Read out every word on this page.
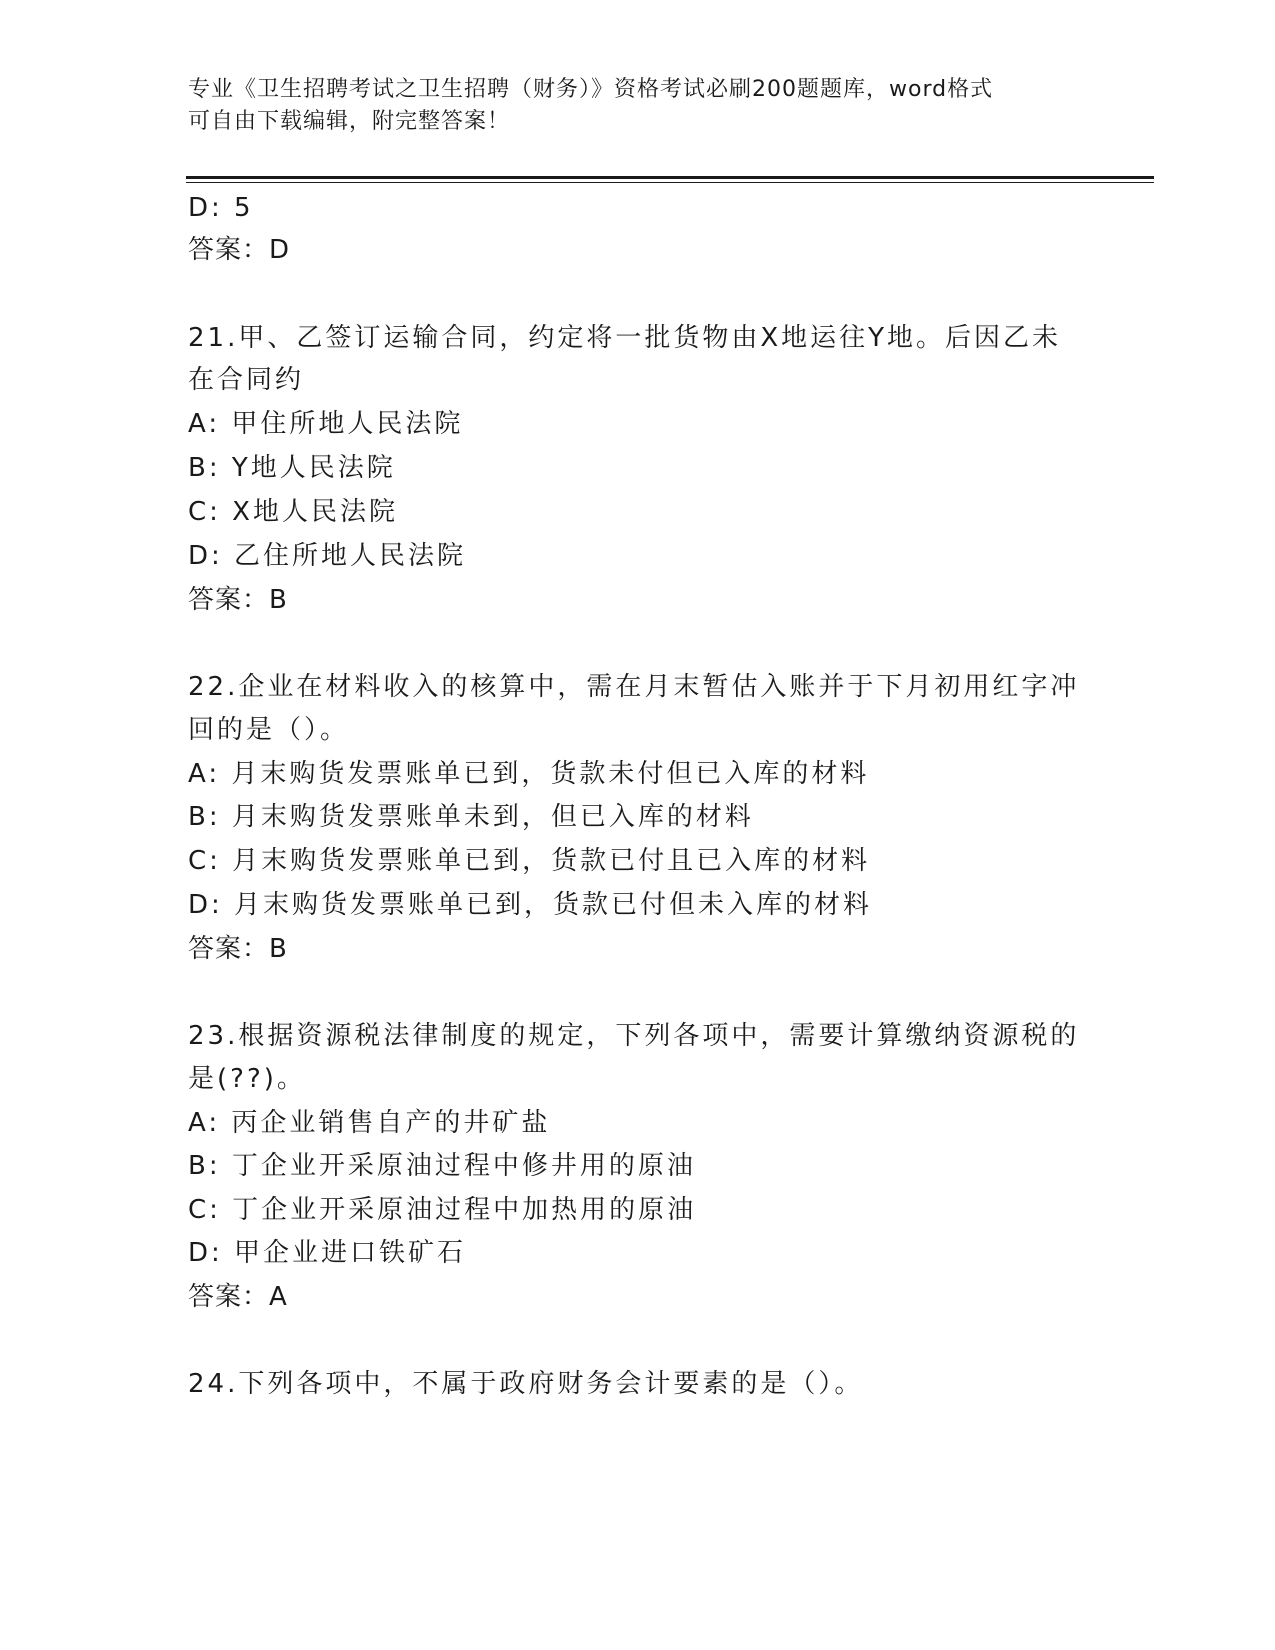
专业《卫生招聘考试之卫生招聘（财务）》资格考试必刷200题题库，word格式
可自由下载编辑，附完整答案！
D: 5
答案：D
21.甲、乙签订运输合同，约定将一批货物由X地运往Y地。后因乙未
在合同约
A: 甲住所地人民法院
B: Y地人民法院
C: X地人民法院
D: 乙住所地人民法院
答案：B
22.企业在材料收入的核算中，需在月末暂估入账并于下月初用红字冲
回的是（）。
A: 月末购货发票账单已到，货款未付但已入库的材料
B: 月末购货发票账单未到，但已入库的材料
C: 月末购货发票账单已到，货款已付且已入库的材料
D: 月末购货发票账单已到，货款已付但未入库的材料
答案：B
23.根据资源税法律制度的规定，下列各项中，需要计算缴纳资源税的
是(??)。
A: 丙企业销售自产的井矿盐
B: 丁企业开采原油过程中修井用的原油
C: 丁企业开采原油过程中加热用的原油
D: 甲企业进口铁矿石
答案：A
24.下列各项中，不属于政府财务会计要素的是（）。
